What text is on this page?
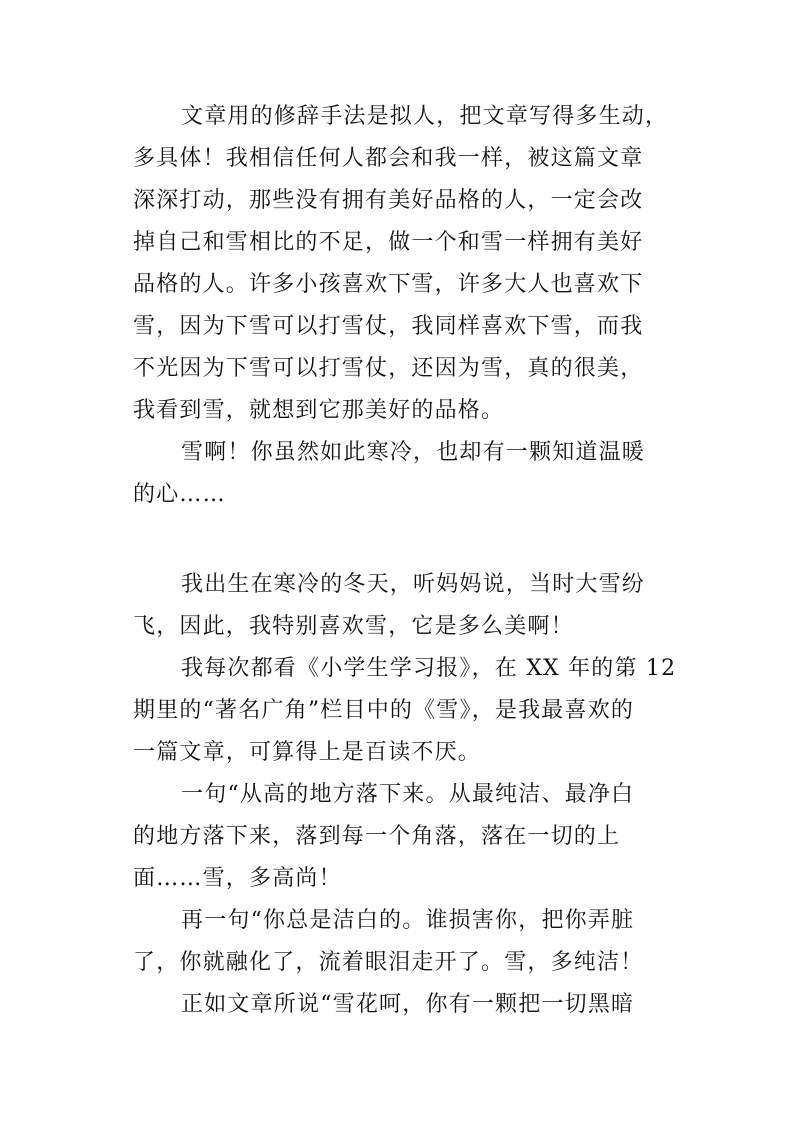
文章用的修辞手法是拟人，把文章写得多生动，
多具体！我相信任何人都会和我一样，被这篇文章
深深打动，那些没有拥有美好品格的人，一定会改
掉自己和雪相比的不足，做一个和雪一样拥有美好
品格的人。许多小孩喜欢下雪，许多大人也喜欢下
雪，因为下雪可以打雪仗，我同样喜欢下雪，而我
不光因为下雪可以打雪仗，还因为雪，真的很美，
我看到雪，就想到它那美好的品格。
雪啊！你虽然如此寒冷，也却有一颗知道温暖
的心……
我出生在寒冷的冬天，听妈妈说，当时大雪纷
飞，因此，我特别喜欢雪，它是多么美啊！
我每次都看《小学生学习报》，在 XX 年的第 12
期里的“著名广角”栏目中的《雪》，是我最喜欢的
一篇文章，可算得上是百读不厌。
一句“从高的地方落下来。从最纯洁、最净白
的地方落下来，落到每一个角落，落在一切的上
面……雪，多高尚！
再一句“你总是洁白的。谁损害你，把你弄脏
了，你就融化了，流着眼泪走开了。雪，多纯洁！
正如文章所说“雪花呵，你有一颗把一切黑暗
